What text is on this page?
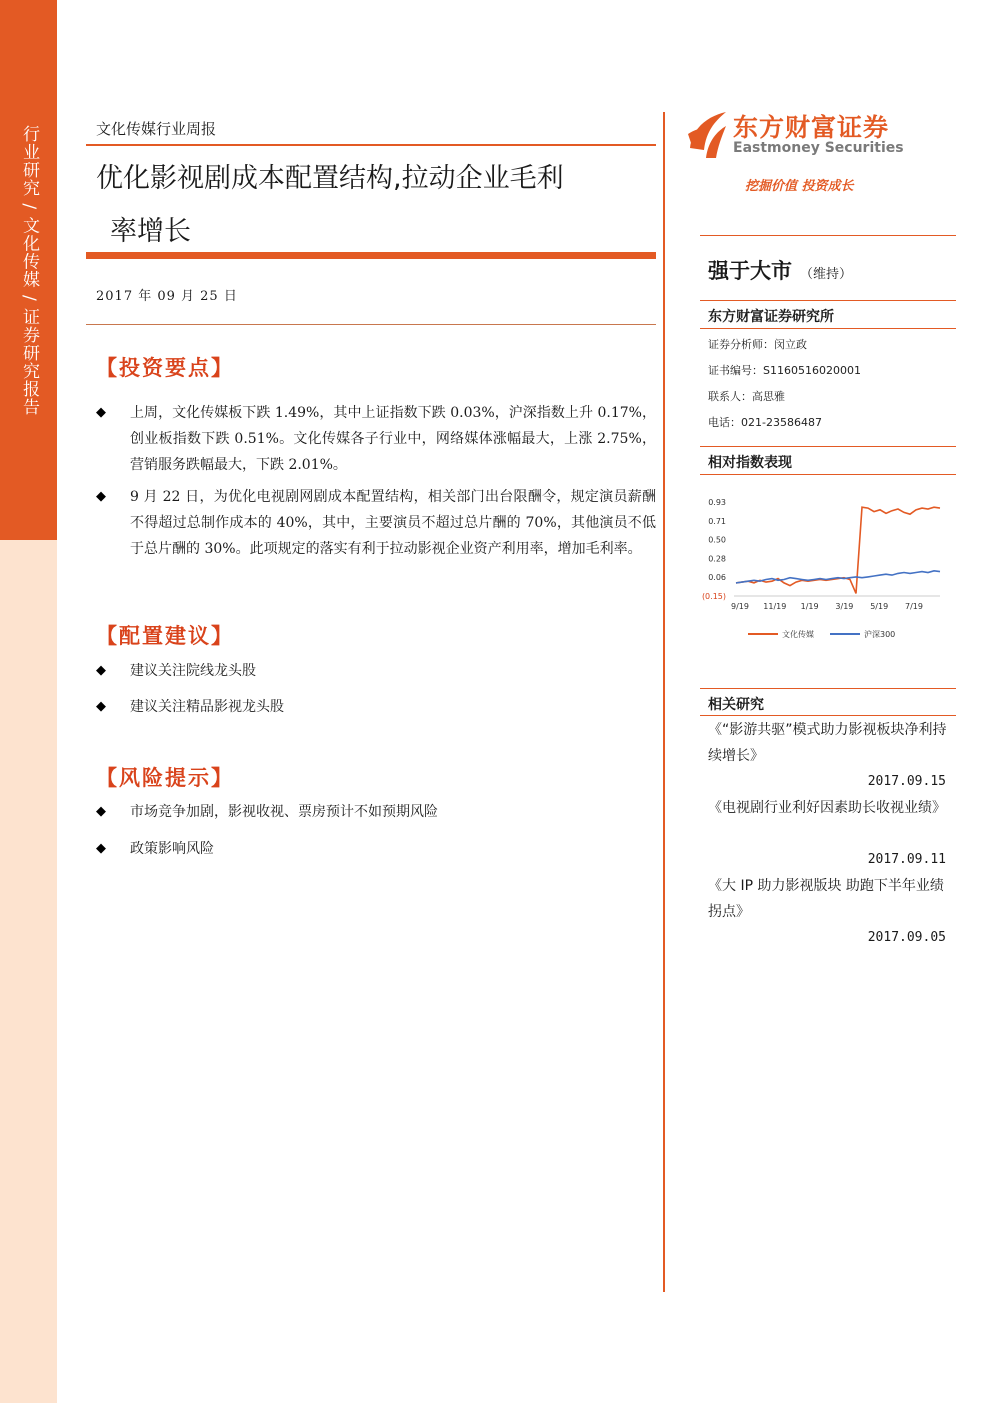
行业研究 / 文化传媒 / 证券研究报告	文化传媒行业周报
优化影视剧成本配置结构,拉动企业毛利
率增长
2017 年 09 月 25 日
【投资要点】
◆	上周，文化传媒板下跌 1.49%，其中上证指数下跌 0.03%，沪深指数上升 0.17%，创业板指数下跌 0.51%。文化传媒各子行业中，网络媒体涨幅最大，上涨 2.75%，营销服务跌幅最大，下跌 2.01%。
◆	9 月 22 日，为优化电视剧网剧成本配置结构，相关部门出台限酬令，规定演员薪酬不得超过总制作成本的 40%，其中，主要演员不超过总片酬的 70%，其他演员不低于总片酬的 30%。此项规定的落实有利于拉动影视企业资产利用率，增加毛利率。
【配置建议】
◆	建议关注院线龙头股
◆	建议关注精品影视龙头股
【风险提示】
◆	市场竞争加剧，影视收视、票房预计不如预期风险
◆	政策影响风险
东方财富证券
Eastmoney Securities
挖掘价值 投资成长
强于大市 （维持）
东方财富证券研究所
证券分析师：闵立政
证书编号：S1160516020001
联系人：高思雅
电话：021-23586487
相对指数表现
0.93
0.71
0.50
0.28
0.06
(0.15)
9/19 11/19 1/19 3/19 5/19 7/19
文化传媒	沪深300
相关研究
《“影游共驱”模式助力影视板块净利持续增长》
2017.09.15
《电视剧行业利好因素助长收视业绩》
2017.09.11
《大 IP 助力影视版块 助跑下半年业绩拐点》
2017.09.05
